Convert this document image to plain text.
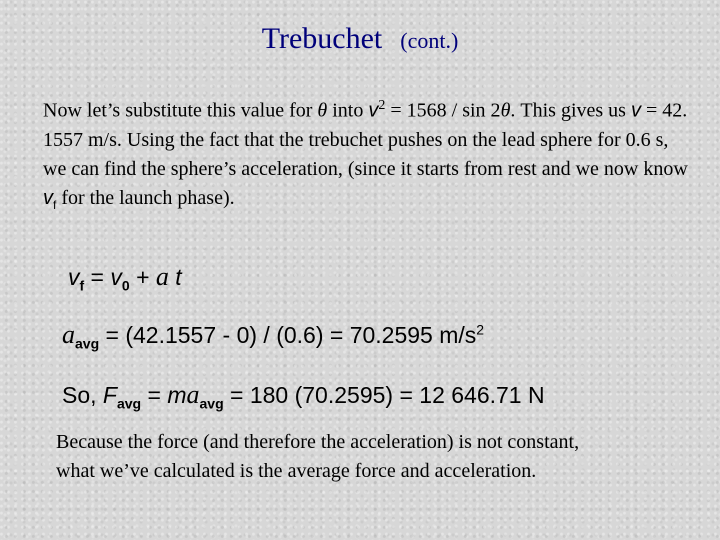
Trebuchet (cont.)
Now let’s substitute this value for θ into $v^2 = 1568 / \sin 2\theta$. This gives us v = 42. 1557 m/s. Using the fact that the trebuchet pushes on the lead sphere for 0.6 s, we can find the sphere’s acceleration, (since it starts from rest and we now know $v_f$ for the launch phase).
$v_f = v_0 + a$ t
$a_{avg} = (42.1557 - 0) / (0.6) = 70.2595$ $m/s^2$
So, $F_{avg} = ma_{avg} = 180$ (70.2595) = 12 646.71 N
Because the force (and therefore the acceleration) is not constant, what we’ve calculated is the average force and acceleration.
